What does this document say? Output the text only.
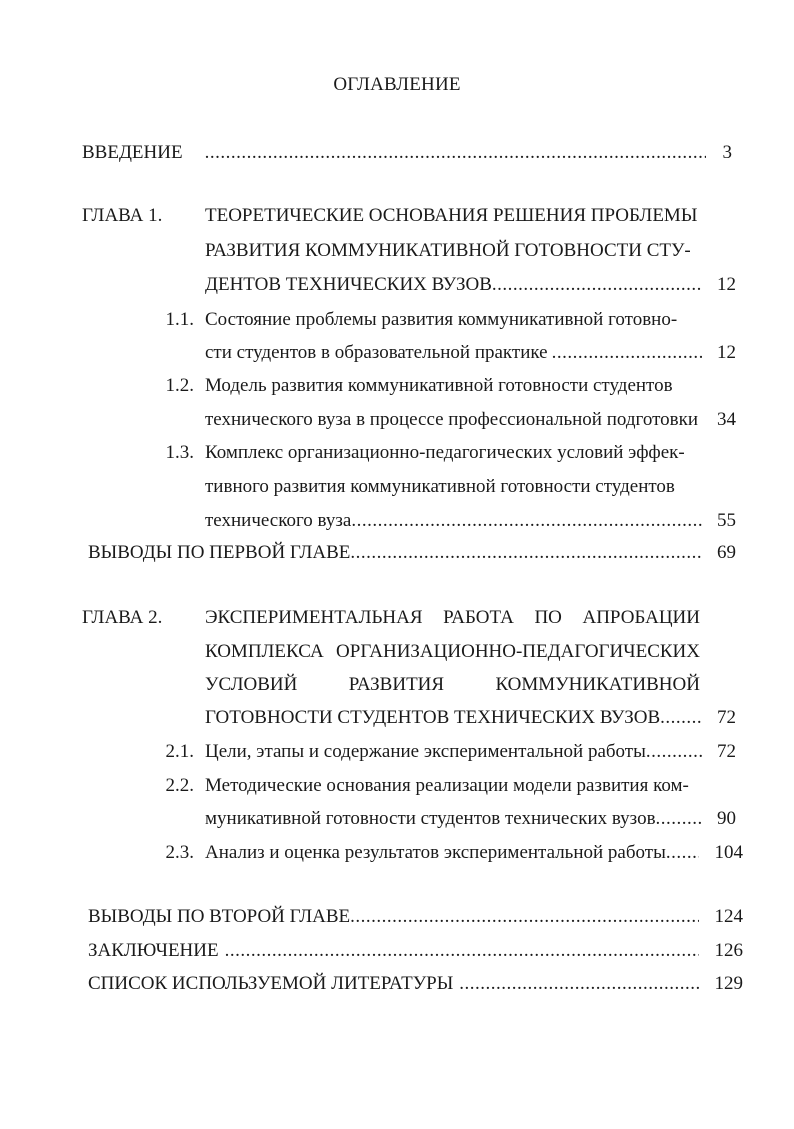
ОГЛАВЛЕНИЕ
ВВЕДЕНИЕ .....	3
ГЛАВА 1. ТЕОРЕТИЧЕСКИЕ ОСНОВАНИЯ РЕШЕНИЯ ПРОБЛЕМЫ
РАЗВИТИЯ КОММУНИКАТИВНОЙ ГОТОВНОСТИ СТУ-
ДЕНТОВ ТЕХНИЧЕСКИХ ВУЗОВ .....	12
1.1. Состояние проблемы развития коммуникативной готовно-
сти студентов в образовательной практике .....	12
1.2. Модель развития коммуникативной готовности студентов
технического вуза в процессе профессиональной подготовки 34
1.3. Комплекс организационно-педагогических условий эффек-
тивного развития коммуникативной готовности студентов
технического вуза .....	55
ВЫВОДЫ ПО ПЕРВОЙ ГЛАВЕ .....	69
ГЛАВА 2. ЭКСПЕРИМЕНТАЛЬНАЯ РАБОТА ПО АПРОБАЦИИ
КОМПЛЕКСА ОРГАНИЗАЦИОННО-ПЕДАГОГИЧЕСКИХ
УСЛОВИЙ	РАЗВИТИЯ	КОММУНИКАТИВНОЙ
ГОТОВНОСТИ СТУДЕНТОВ ТЕХНИЧЕСКИХ ВУЗОВ .....	72
2.1. Цели, этапы и содержание экспериментальной работы .....	72
2.2. Методические основания реализации модели развития ком-
муникативной готовности студентов технических вузов .....	90
2.3. Анализ и оценка результатов экспериментальной работы .....	104
ВЫВОДЫ ПО ВТОРОЙ ГЛАВЕ .....	124
ЗАКЛЮЧЕНИЕ .....	126
СПИСОК ИСПОЛЬЗУЕМОЙ ЛИТЕРАТУРЫ .....	129
